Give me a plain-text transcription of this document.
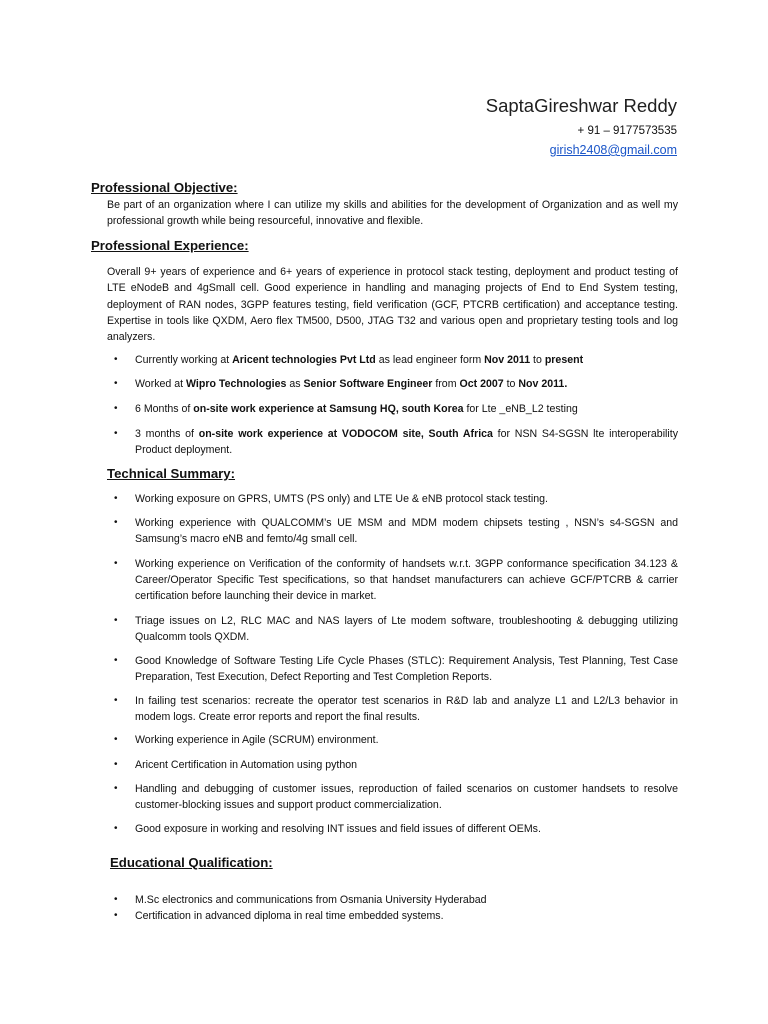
SaptaGireshwar Reddy
+ 91 – 9177573535
girish2408@gmail.com
Professional Objective:
Be part of an organization where I can utilize my skills and abilities for the development of Organization and as well my professional growth while being resourceful, innovative and flexible.
Professional Experience:
Overall 9+ years of experience and 6+ years of experience in protocol stack testing, deployment and product testing of LTE eNodeB and 4gSmall cell. Good experience in handling and managing projects of End to End System testing, deployment of RAN nodes, 3GPP features testing, field verification (GCF, PTCRB certification) and acceptance testing. Expertise in tools like QXDM, Aero flex TM500, D500, JTAG T32 and various open and proprietary testing tools and log analyzers.
• Currently working at Aricent technologies Pvt Ltd as lead engineer form Nov 2011 to present
• Worked at Wipro Technologies as Senior Software Engineer from Oct 2007 to Nov 2011.
• 6 Months of on-site work experience at Samsung HQ, south Korea for Lte _eNB_L2 testing
• 3 months of on-site work experience at VODOCOM site, South Africa for NSN S4-SGSN lte interoperability Product deployment.
Technical Summary:
• Working exposure on GPRS, UMTS (PS only) and LTE Ue & eNB protocol stack testing.
• Working experience with QUALCOMM’s UE MSM and MDM modem chipsets testing , NSN’s s4-SGSN and Samsung’s macro eNB and femto/4g small cell.
• Working experience on Verification of the conformity of handsets w.r.t. 3GPP conformance specification 34.123 & Career/Operator Specific Test specifications, so that handset manufacturers can achieve GCF/PTCRB & carrier certification before launching their device in market.
• Triage issues on L2, RLC MAC and NAS layers of Lte modem software, troubleshooting & debugging utilizing Qualcomm tools QXDM.
• Good Knowledge of Software Testing Life Cycle Phases (STLC): Requirement Analysis, Test Planning, Test Case Preparation, Test Execution, Defect Reporting and Test Completion Reports.
• In failing test scenarios: recreate the operator test scenarios in R&D lab and analyze L1 and L2/L3 behavior in modem logs. Create error reports and report the final results.
• Working experience in Agile (SCRUM) environment.
• Aricent Certification in Automation using python
• Handling and debugging of customer issues, reproduction of failed scenarios on customer handsets to resolve customer-blocking issues and support product commercialization.
• Good exposure in working and resolving INT issues and field issues of different OEMs.
Educational Qualification:
• M.Sc electronics and communications from Osmania University Hyderabad
• Certification in advanced diploma in real time embedded systems.
